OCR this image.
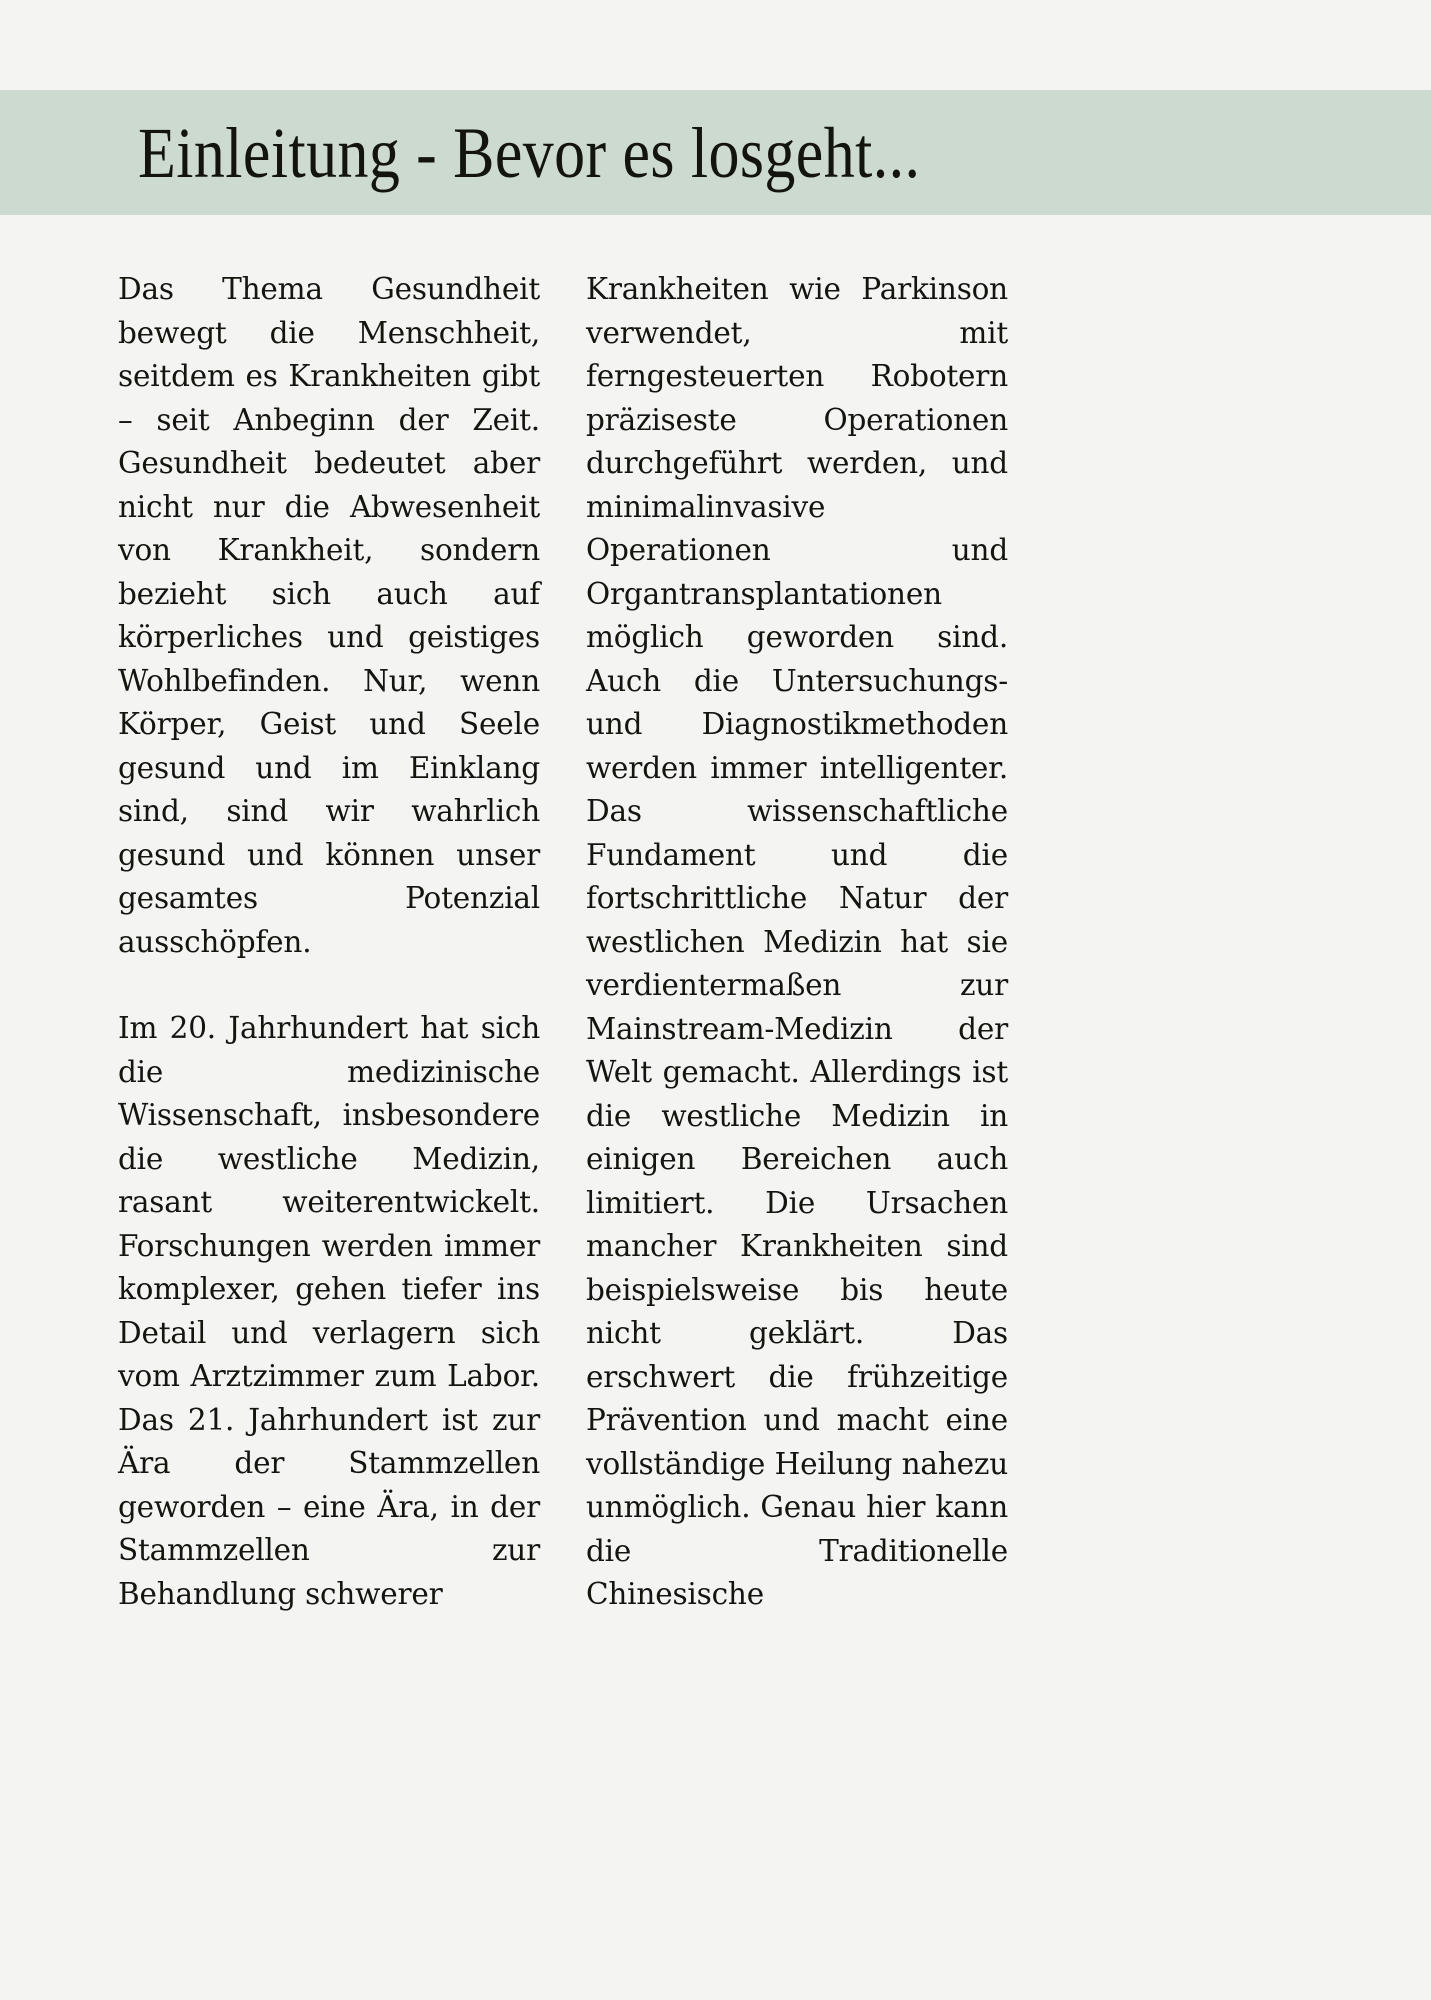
Einleitung - Bevor es losgeht...

Das Thema Gesundheit bewegt die Menschheit, seitdem es Krankheiten gibt – seit Anbeginn der Zeit. Gesundheit bedeutet aber nicht nur die Abwesenheit von Krankheit, sondern bezieht sich auch auf körperliches und geistiges Wohlbefinden. Nur, wenn Körper, Geist und Seele gesund und im Einklang sind, sind wir wahrlich gesund und können unser gesamtes Potenzial ausschöpfen.

Im 20. Jahrhundert hat sich die medizinische Wissenschaft, insbesondere die westliche Medizin, rasant weiterentwickelt. Forschungen werden immer komplexer, gehen tiefer ins Detail und verlagern sich vom Arztzimmer zum Labor. Das 21. Jahrhundert ist zur Ära der Stammzellen geworden – eine Ära, in der Stammzellen zur Behandlung schwerer

Krankheiten wie Parkinson verwendet, mit ferngesteuerten Robotern präziseste Operationen durchgeführt werden, und minimalinvasive Operationen und Organtransplantationen möglich geworden sind. Auch die Untersuchungs- und Diagnostikmethoden werden immer intelligenter. Das wissenschaftliche Fundament und die fortschrittliche Natur der westlichen Medizin hat sie verdientermaßen zur Mainstream-Medizin der Welt gemacht. Allerdings ist die westliche Medizin in einigen Bereichen auch limitiert. Die Ursachen mancher Krankheiten sind beispielsweise bis heute nicht geklärt. Das erschwert die frühzeitige Prävention und macht eine vollständige Heilung nahezu unmöglich. Genau hier kann die Traditionelle Chinesische
